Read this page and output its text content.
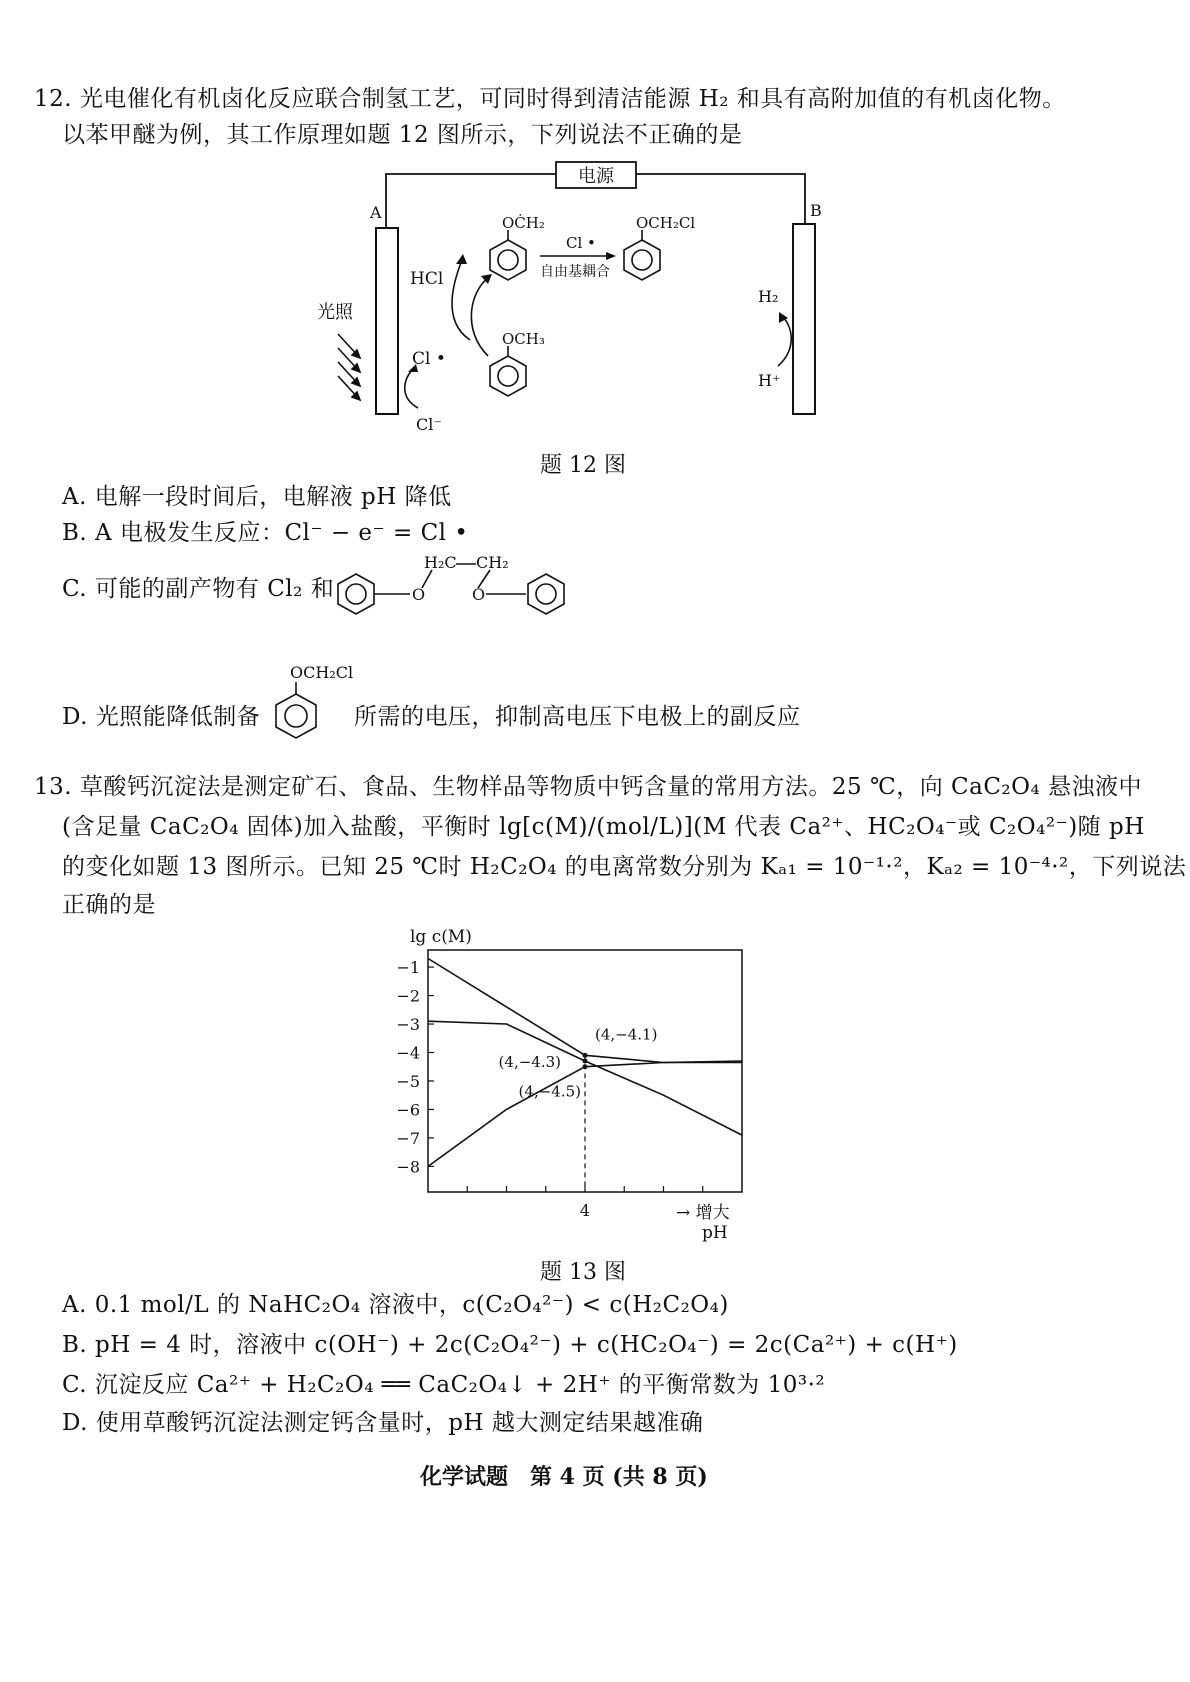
12. 光电催化有机卤化反应联合制氢工艺，可同时得到清洁能源 H₂ 和具有高附加值的有机卤化物。
以苯甲醚为例，其工作原理如题 12 图所示，下列说法不正确的是
电源
A	B
光照
Cl⁻
Cl •
HCl
OĊH₂
OCH₃
Cl •
自由基耦合
OCH₂Cl
H₂
H⁺
题 12 图
A. 电解一段时间后，电解液 pH 降低
B. A 电极发生反应：Cl⁻ − e⁻ = Cl •
C. 可能的副产物有 Cl₂ 和	O
H₂C CH₂
O
D. 光照能降低制备
OCH₂Cl
所需的电压，抑制高电压下电极上的副反应
13. 草酸钙沉淀法是测定矿石、食品、生物样品等物质中钙含量的常用方法。25 ℃，向 CaC₂O₄ 悬浊液中
(含足量 CaC₂O₄ 固体)加入盐酸，平衡时 lg[c(M)/(mol/L)](M 代表 Ca²⁺、HC₂O₄⁻或 C₂O₄²⁻)随 pH
的变化如题 13 图所示。已知 25 ℃时 H₂C₂O₄ 的电离常数分别为 Kₐ₁ = 10⁻¹·²，Kₐ₂ = 10⁻⁴·²，下列说法
正确的是
lg c(M)
−1
−2
−3
−4
−5
−6
−7
−8
4
(4,−4.1)
(4,−4.3)
(4,−4.5)
→ 增大
pH
题 13 图
A. 0.1 mol/L 的 NaHC₂O₄ 溶液中，c(C₂O₄²⁻) < c(H₂C₂O₄)
B. pH = 4 时，溶液中 c(OH⁻) + 2c(C₂O₄²⁻) + c(HC₂O₄⁻) = 2c(Ca²⁺) + c(H⁺)
C. 沉淀反应 Ca²⁺ + H₂C₂O₄ ══ CaC₂O₄↓ + 2H⁺ 的平衡常数为 10³·²
D. 使用草酸钙沉淀法测定钙含量时，pH 越大测定结果越准确
化学试题　第 4 页 (共 8 页)
